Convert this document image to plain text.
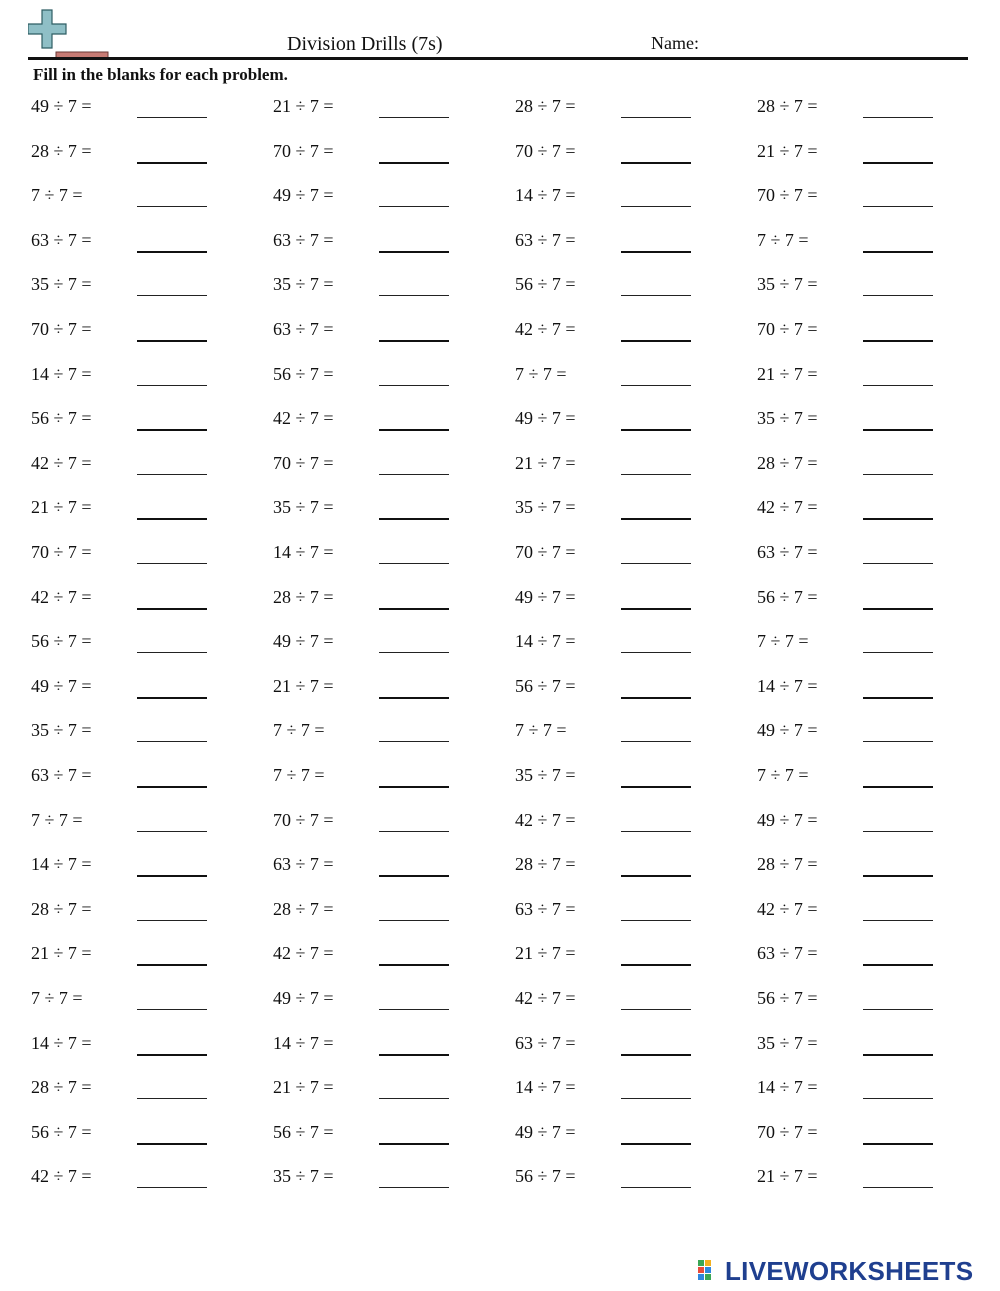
Division Drills (7s)	Name:
Fill in the blanks for each problem.
49 ÷ 7 =	21 ÷ 7 =	28 ÷ 7 =	28 ÷ 7 =
28 ÷ 7 =	70 ÷ 7 =	70 ÷ 7 =	21 ÷ 7 =
7 ÷ 7 =	49 ÷ 7 =	14 ÷ 7 =	70 ÷ 7 =
63 ÷ 7 =	63 ÷ 7 =	63 ÷ 7 =	7 ÷ 7 =
35 ÷ 7 =	35 ÷ 7 =	56 ÷ 7 =	35 ÷ 7 =
70 ÷ 7 =	63 ÷ 7 =	42 ÷ 7 =	70 ÷ 7 =
14 ÷ 7 =	56 ÷ 7 =	7 ÷ 7 =	21 ÷ 7 =
56 ÷ 7 =	42 ÷ 7 =	49 ÷ 7 =	35 ÷ 7 =
42 ÷ 7 =	70 ÷ 7 =	21 ÷ 7 =	28 ÷ 7 =
21 ÷ 7 =	35 ÷ 7 =	35 ÷ 7 =	42 ÷ 7 =
70 ÷ 7 =	14 ÷ 7 =	70 ÷ 7 =	63 ÷ 7 =
42 ÷ 7 =	28 ÷ 7 =	49 ÷ 7 =	56 ÷ 7 =
56 ÷ 7 =	49 ÷ 7 =	14 ÷ 7 =	7 ÷ 7 =
49 ÷ 7 =	21 ÷ 7 =	56 ÷ 7 =	14 ÷ 7 =
35 ÷ 7 =	7 ÷ 7 =	7 ÷ 7 =	49 ÷ 7 =
63 ÷ 7 =	7 ÷ 7 =	35 ÷ 7 =	7 ÷ 7 =
7 ÷ 7 =	70 ÷ 7 =	42 ÷ 7 =	49 ÷ 7 =
14 ÷ 7 =	63 ÷ 7 =	28 ÷ 7 =	28 ÷ 7 =
28 ÷ 7 =	28 ÷ 7 =	63 ÷ 7 =	42 ÷ 7 =
21 ÷ 7 =	42 ÷ 7 =	21 ÷ 7 =	63 ÷ 7 =
7 ÷ 7 =	49 ÷ 7 =	42 ÷ 7 =	56 ÷ 7 =
14 ÷ 7 =	14 ÷ 7 =	63 ÷ 7 =	35 ÷ 7 =
28 ÷ 7 =	21 ÷ 7 =	14 ÷ 7 =	14 ÷ 7 =
56 ÷ 7 =	56 ÷ 7 =	49 ÷ 7 =	70 ÷ 7 =
42 ÷ 7 =	35 ÷ 7 =	56 ÷ 7 =	21 ÷ 7 =
LIVEWORKSHEETS
